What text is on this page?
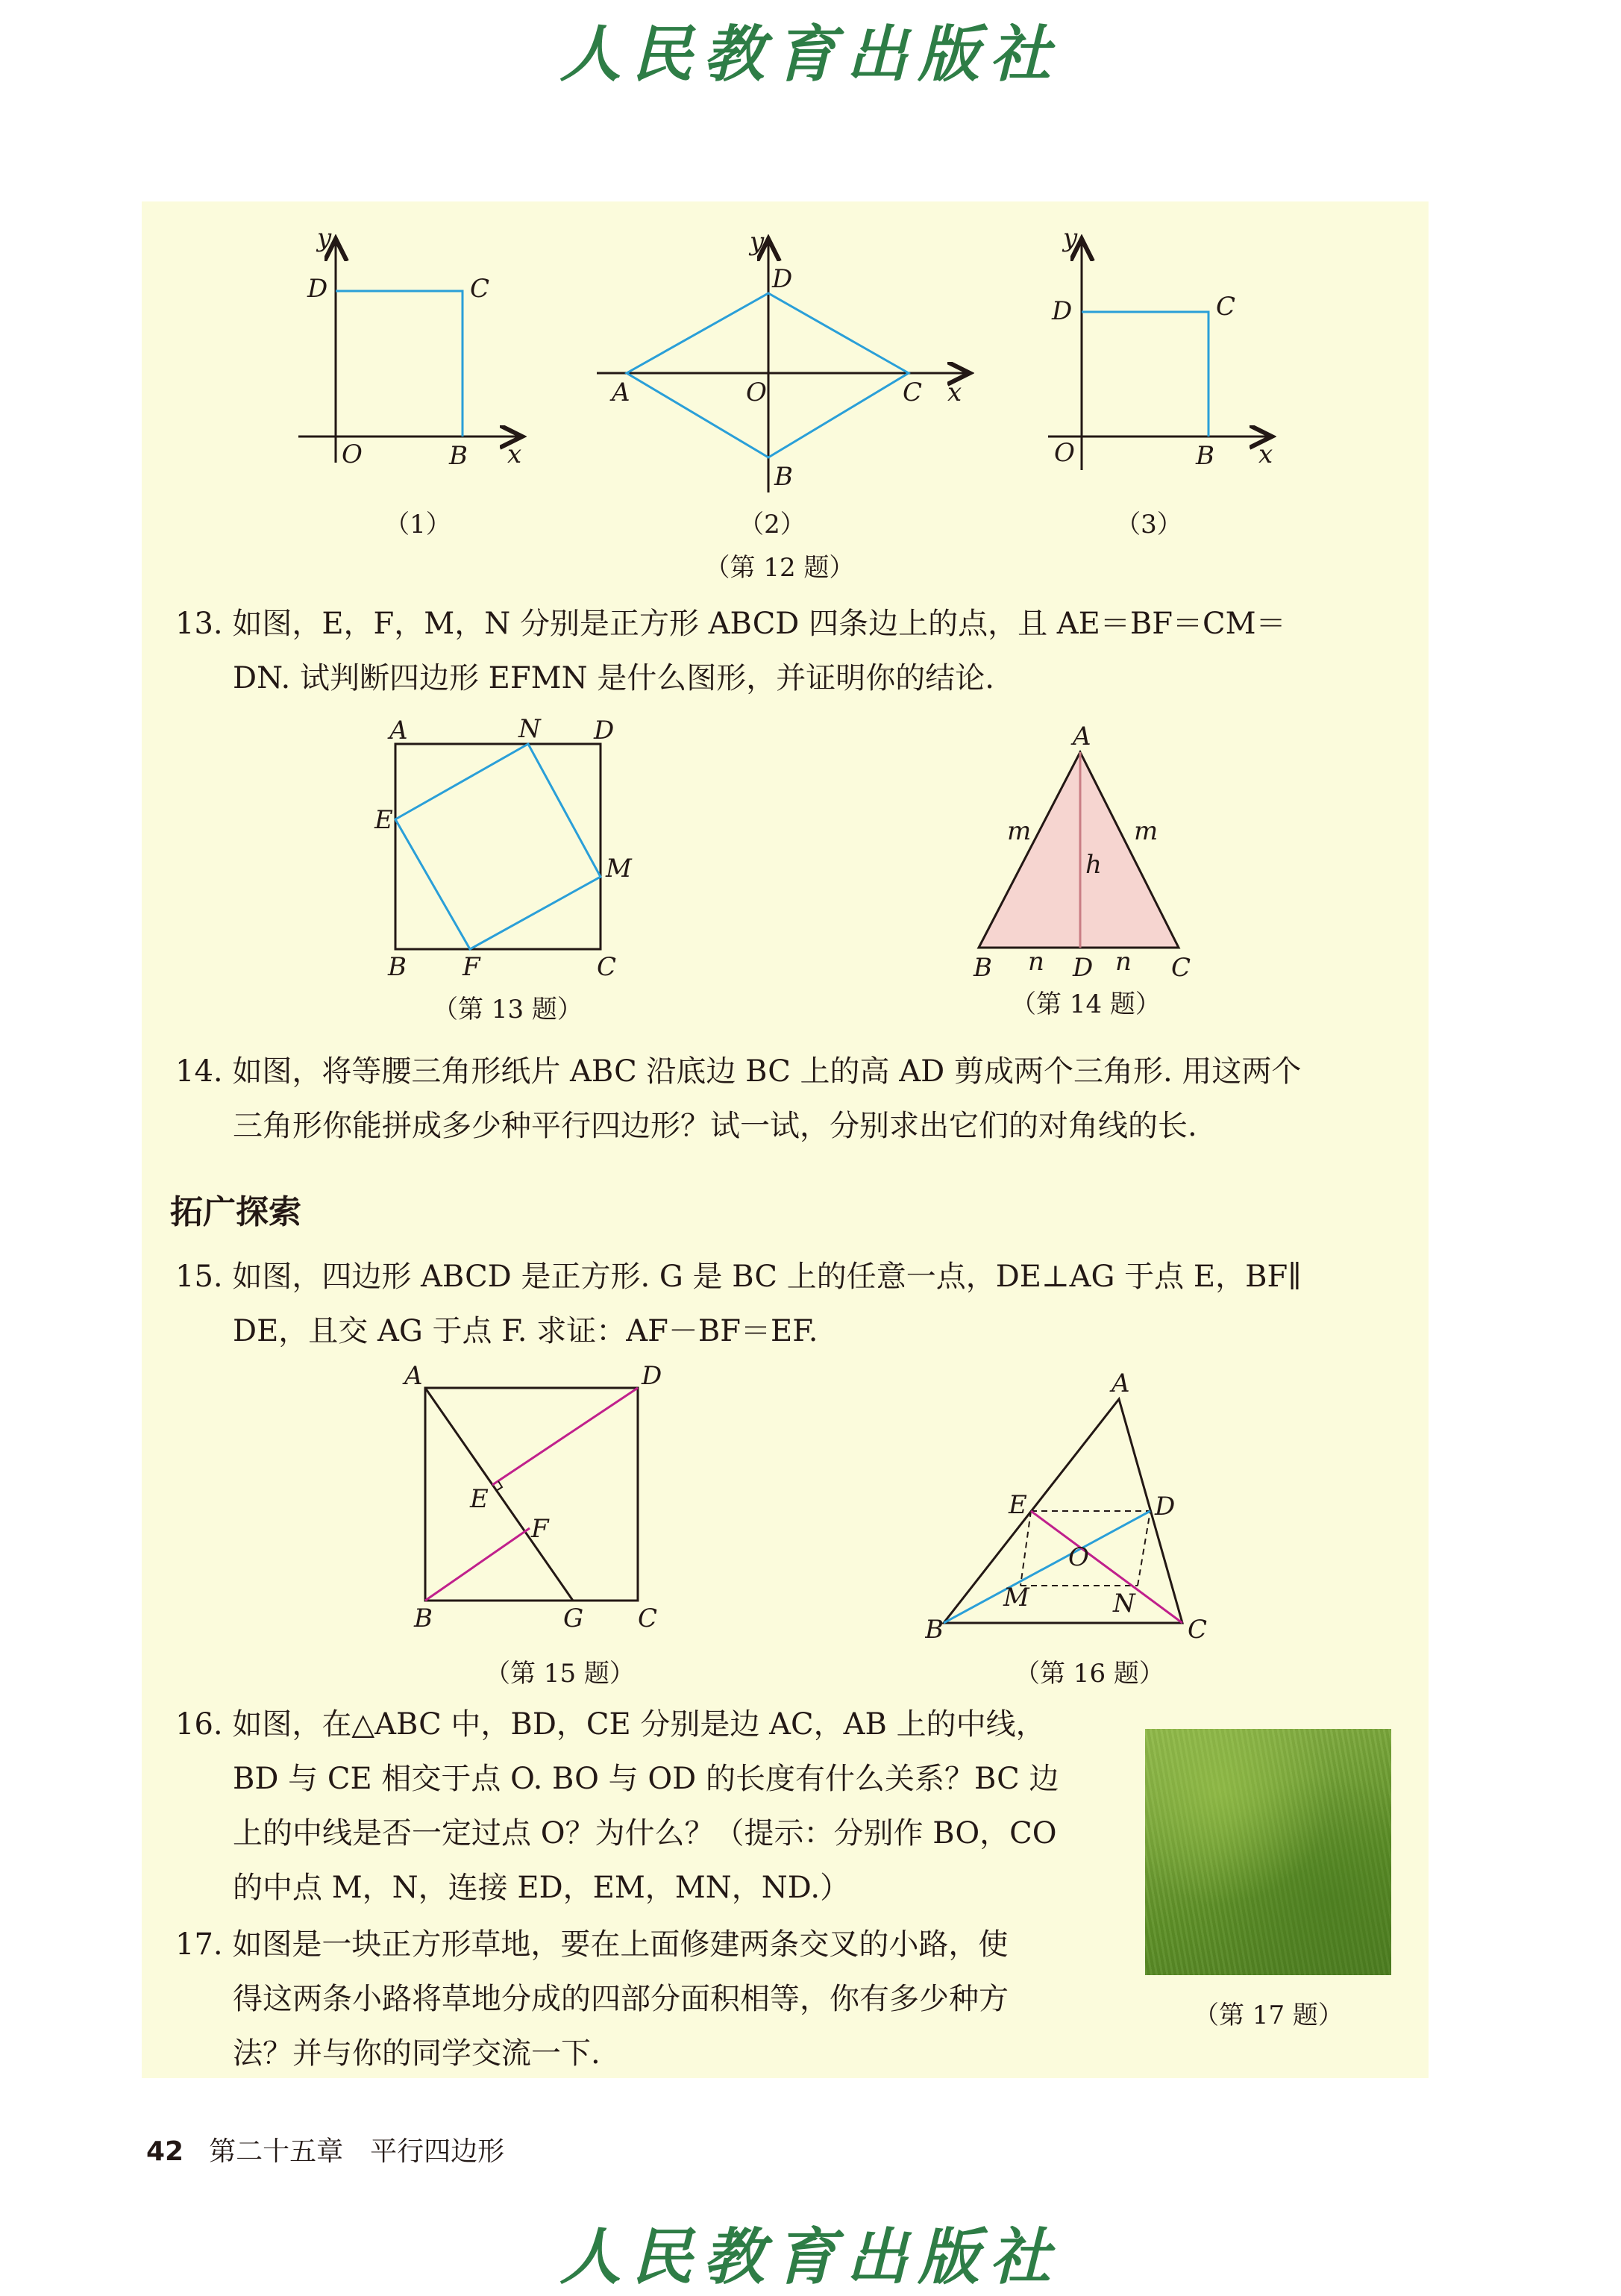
人民教育出版社
y
x
O	B
C
D
（1）
y
x
O
A
B
C
D
（2）
y
x
O	B
C
D
（3）
（第 12 题）
13. 如图，E，F，M，N 分别是正方形 ABCD 四条边上的点，且 AE＝BF＝CM＝
DN. 试判断四边形 EFMN 是什么图形，并证明你的结论.
A	N D
E
M
B F	C
（第 13 题）
A
m	m
h
B n D n C
（第 14 题）
14. 如图，将等腰三角形纸片 ABC 沿底边 BC 上的高 AD 剪成两个三角形. 用这两个
三角形你能拼成多少种平行四边形？试一试，分别求出它们的对角线的长.
拓广探索
15. 如图，四边形 ABCD 是正方形. G 是 BC 上的任意一点，DE⊥AG 于点 E，BF∥
DE，且交 AG 于点 F. 求证：AF－BF＝EF.
A	D
E
F
B	G C
（第 15 题）
A
E	D
O
M	N
B	C
（第 16 题）
16. 如图，在△ABC 中，BD，CE 分别是边 AC，AB 上的中线，
BD 与 CE 相交于点 O. BO 与 OD 的长度有什么关系？BC 边
上的中线是否一定过点 O？为什么？（提示：分别作 BO，CO
的中点 M，N，连接 ED，EM，MN，ND.）
17. 如图是一块正方形草地，要在上面修建两条交叉的小路，使
得这两条小路将草地分成的四部分面积相等，你有多少种方
法？并与你的同学交流一下.
（第 17 题）
42 第二十五章　平行四边形
人民教育出版社
